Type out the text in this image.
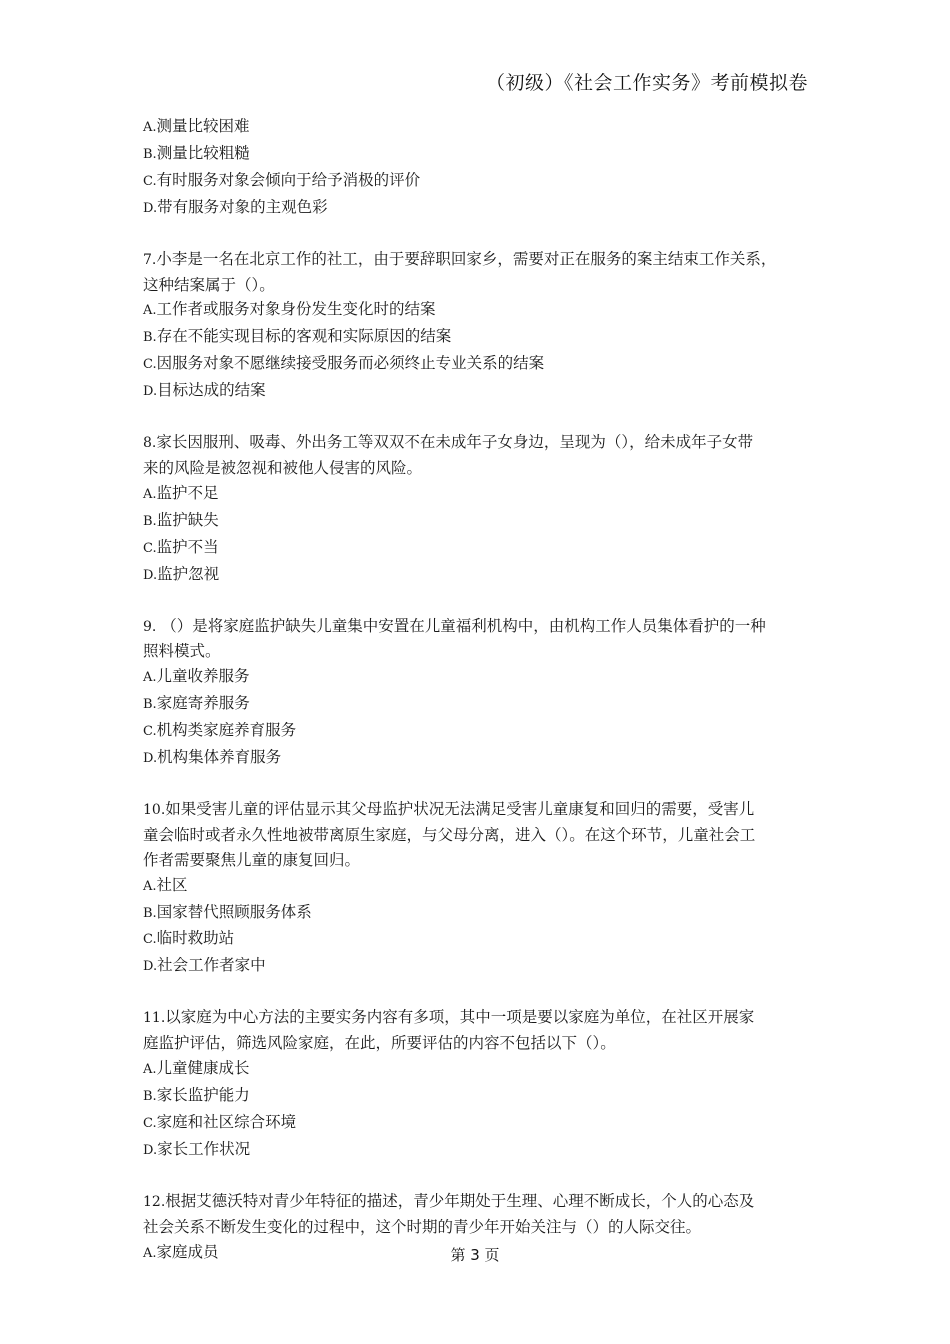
（初级）《社会工作实务》考前模拟卷
A.测量比较困难
B.测量比较粗糙
C.有时服务对象会倾向于给予消极的评价
D.带有服务对象的主观色彩
7.小李是一名在北京工作的社工，由于要辞职回家乡，需要对正在服务的案主结束工作关系，
这种结案属于（）。
A.工作者或服务对象身份发生变化时的结案
B.存在不能实现目标的客观和实际原因的结案
C.因服务对象不愿继续接受服务而必须终止专业关系的结案
D.目标达成的结案
8.家长因服刑、吸毒、外出务工等双双不在未成年子女身边，呈现为（），给未成年子女带
来的风险是被忽视和被他人侵害的风险。
A.监护不足
B.监护缺失
C.监护不当
D.监护忽视
9. （）是将家庭监护缺失儿童集中安置在儿童福利机构中，由机构工作人员集体看护的一种
照料模式。
A.儿童收养服务
B.家庭寄养服务
C.机构类家庭养育服务
D.机构集体养育服务
10.如果受害儿童的评估显示其父母监护状况无法满足受害儿童康复和回归的需要，受害儿
童会临时或者永久性地被带离原生家庭，与父母分离，进入（）。在这个环节，儿童社会工
作者需要聚焦儿童的康复回归。
A.社区
B.国家替代照顾服务体系
C.临时救助站
D.社会工作者家中
11.以家庭为中心方法的主要实务内容有多项，其中一项是要以家庭为单位，在社区开展家
庭监护评估，筛选风险家庭，在此，所要评估的内容不包括以下（）。
A.儿童健康成长
B.家长监护能力
C.家庭和社区综合环境
D.家长工作状况
12.根据艾德沃特对青少年特征的描述，青少年期处于生理、心理不断成长，个人的心态及
社会关系不断发生变化的过程中，这个时期的青少年开始关注与（）的人际交往。
A.家庭成员	第 3 页
